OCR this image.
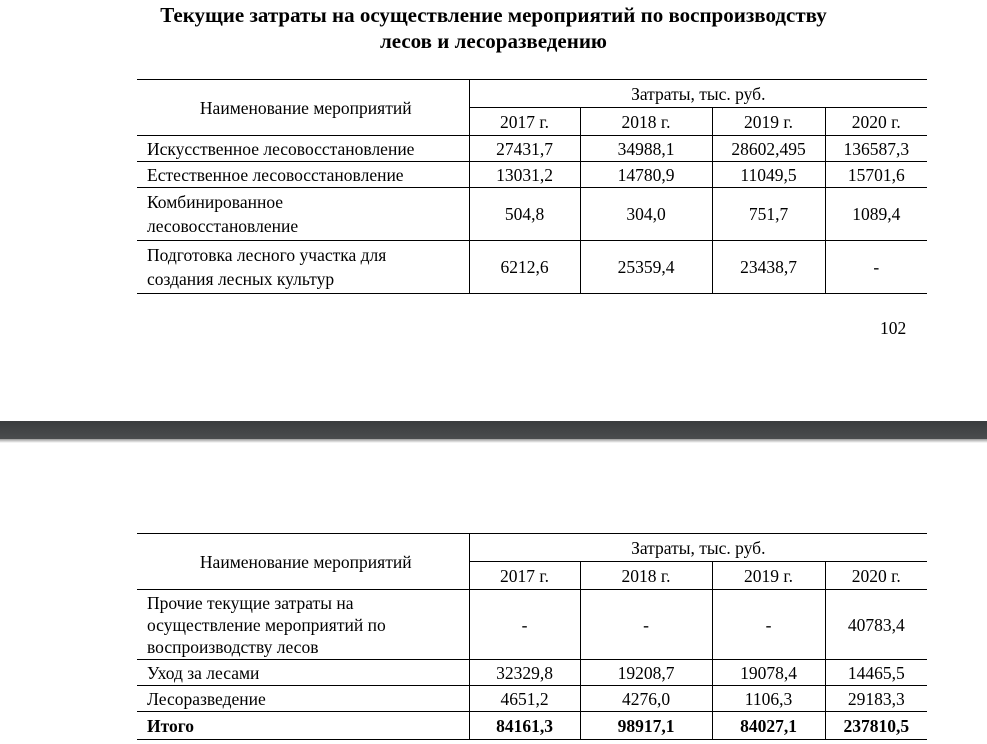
Текущие затраты на осуществление мероприятий по воспроизводству
лесов и лесоразведению
Наименование мероприятий	Затраты, тыс. руб.			
	2017 г.	2018 г.	2019 г.	2020 г.

Искусственное лесовосстановление	27431,7	34988,1	28602,495	136587,3

Естественное лесовосстановление	13031,2	14780,9	11049,5	15701,6

Комбинированное
лесовосстановление	504,8	304,0	751,7	1089,4

Подготовка лесного участка для
создания лесных культур	6212,6	25359,4	23438,7	-
102
Наименование мероприятий	Затраты, тыс. руб.			
	2017 г.	2018 г.	2019 г.	2020 г.

Прочие текущие затраты на
осуществление мероприятий по
воспроизводству лесов	-	-	-	40783,4

Уход за лесами	32329,8	19208,7	19078,4	14465,5

Лесоразведение	4651,2	4276,0	1106,3	29183,3
Итого	84161,3	98917,1	84027,1	237810,5
